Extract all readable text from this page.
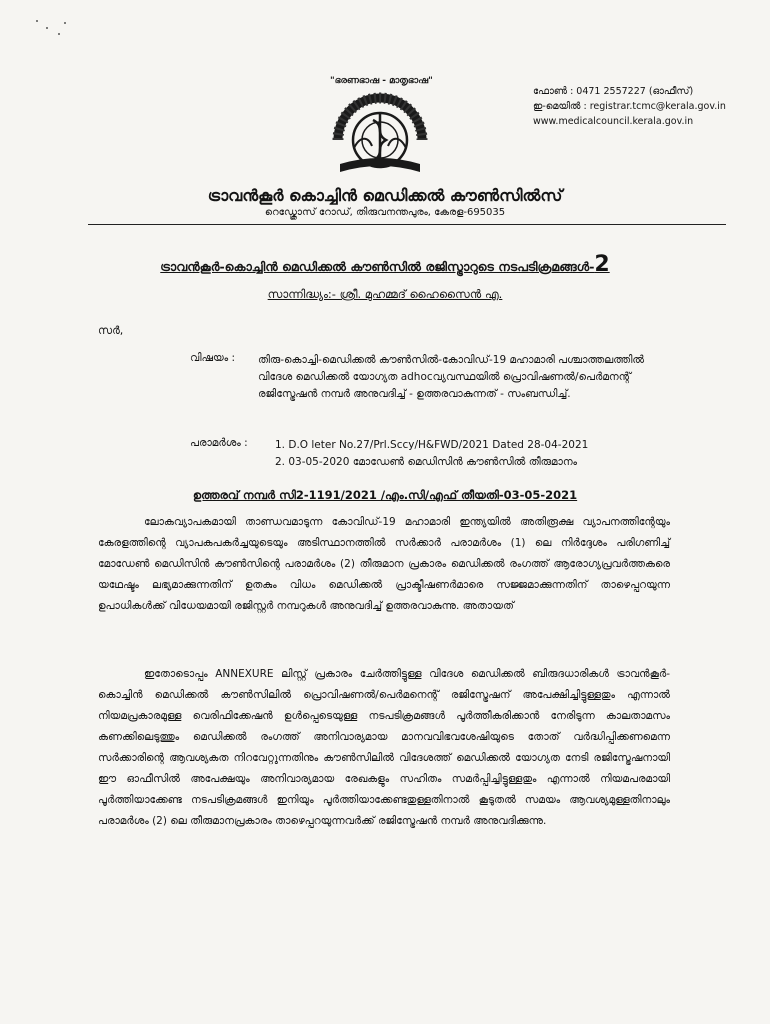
"ഭരണഭാഷ - മാതൃഭാഷ"
ഫോൺ : 0471 2557227 (ഓഫീസ്)
ഇ-മെയിൽ : registrar.tcmc@kerala.gov.in
www.medicalcouncil.kerala.gov.in
ട്രാവൻകൂർ കൊച്ചിൻ മെഡിക്കൽ കൗൺസിൽസ്
റെഡ്ക്രോസ് റോഡ്, തിരുവനന്തപുരം, കേരള-695035
ട്രാവൻകൂർ-കൊച്ചിൻ മെഡിക്കൽ കൗൺസിൽ രജിസ്ട്രാറുടെ നടപടിക്രമങ്ങൾ-2
സാന്നിദ്ധ്യം:- ശ്രീ. മുഹമ്മദ് ഹൈസൈൻ എ.
സർ,
വിഷയം : തിരു-കൊച്ചി-മെഡിക്കൽ കൗൺസിൽ-കോവിഡ്-19 മഹാമാരി പശ്ചാത്തലത്തിൽ വിദേശ മെഡിക്കൽ യോഗ്യത adhocവ്യവസ്ഥയിൽ പ്രൊവിഷണൽ/പെർമനന്റ് രജിസ്ട്രേഷൻ നമ്പർ അനുവദിച്ച് - ഉത്തരവാകുന്നത് - സംബന്ധിച്ച്.
പരാമർശം :	1. D.O leter No.27/Prl.Sccy/H&FWD/2021 Dated 28-04-2021
2. 03-05-2020 മോഡേൺ മെഡിസിൻ കൗൺസിൽ തീരുമാനം
ഉത്തരവ് നമ്പർ സി2-1191/2021 /എം.സി/എഫ് തീയതി-03-05-2021
ലോകവ്യാപകമായി താണ്ഡവമാടുന്ന കോവിഡ്-19 മഹാമാരി ഇന്ത്യയിൽ അതിരൂക്ഷ വ്യാപനത്തിന്റേയും കേരളത്തിന്റെ വ്യാപകപകർച്ചയുടെയും അടിസ്ഥാനത്തിൽ സർക്കാർ പരാമർശം (1) ലെ നിർദ്ദേശം പരിഗണിച്ച് മോഡേൺ മെഡിസിൻ കൗൺസിന്റെ പരാമർശം (2) തീരുമാന പ്രകാരം മെഡിക്കൽ രംഗത്ത് ആരോഗ്യപ്രവർത്തകരെ യഥേഷ്ടം ലഭ്യമാക്കുന്നതിന് ഉതകും വിധം മെഡിക്കൽ പ്രാക്ടീഷണർമാരെ സജ്ജമാക്കുന്നതിന് താഴെപ്പറയുന്ന ഉപാധികൾക്ക് വിധേയമായി രജിസ്റ്റർ നമ്പറുകൾ അനുവദിച്ച് ഉത്തരവാകുന്നു. അതായത്
ഇതോടൊപ്പം ANNEXURE ലിസ്റ്റ് പ്രകാരം ചേർത്തിട്ടുള്ള വിദേശ മെഡിക്കൽ ബിരുദധാരികൾ ട്രാവൻകൂർ-കൊച്ചിൻ മെഡിക്കൽ കൗൺസിലിൽ പ്രൊവിഷണൽ/പെർമനെന്റ് രജിസ്ട്രേഷന് അപേക്ഷിച്ചിട്ടുള്ളതും എന്നാൽ നിയമപ്രകാരമുള്ള വെരിഫിക്കേഷൻ ഉൾപ്പെടെയുള്ള നടപടിക്രമങ്ങൾ പൂർത്തീകരിക്കാൻ നേരിടുന്ന കാലതാമസം കണക്കിലെടുത്തും മെഡിക്കൽ രംഗത്ത് അനിവാര്യമായ മാനവവിഭവശേഷിയുടെ തോത് വർദ്ധിപ്പിക്കണമെന്ന സർക്കാരിന്റെ ആവശ്യകത നിറവേറ്റുന്നതിനും കൗൺസിലിൽ വിദേശത്ത് മെഡിക്കൽ യോഗ്യത നേടി രജിസ്ട്രേഷനായി ഈ ഓഫീസിൽ അപേക്ഷയും അനിവാര്യമായ രേഖകളും സഹിതം സമർപ്പിച്ചിട്ടുള്ളതും എന്നാൽ നിയമപരമായി പൂർത്തിയാക്കേണ്ട നടപടിക്രമങ്ങൾ ഇനിയും പൂർത്തിയാക്കേണ്ടതുള്ളതിനാൽ കൂടുതൽ സമയം ആവശ്യമുള്ളതിനാലും പരാമർശം (2) ലെ തീരുമാനപ്രകാരം താഴെപ്പറയുന്നവർക്ക് രജിസ്ട്രേഷൻ നമ്പർ അനുവദിക്കുന്നു.
